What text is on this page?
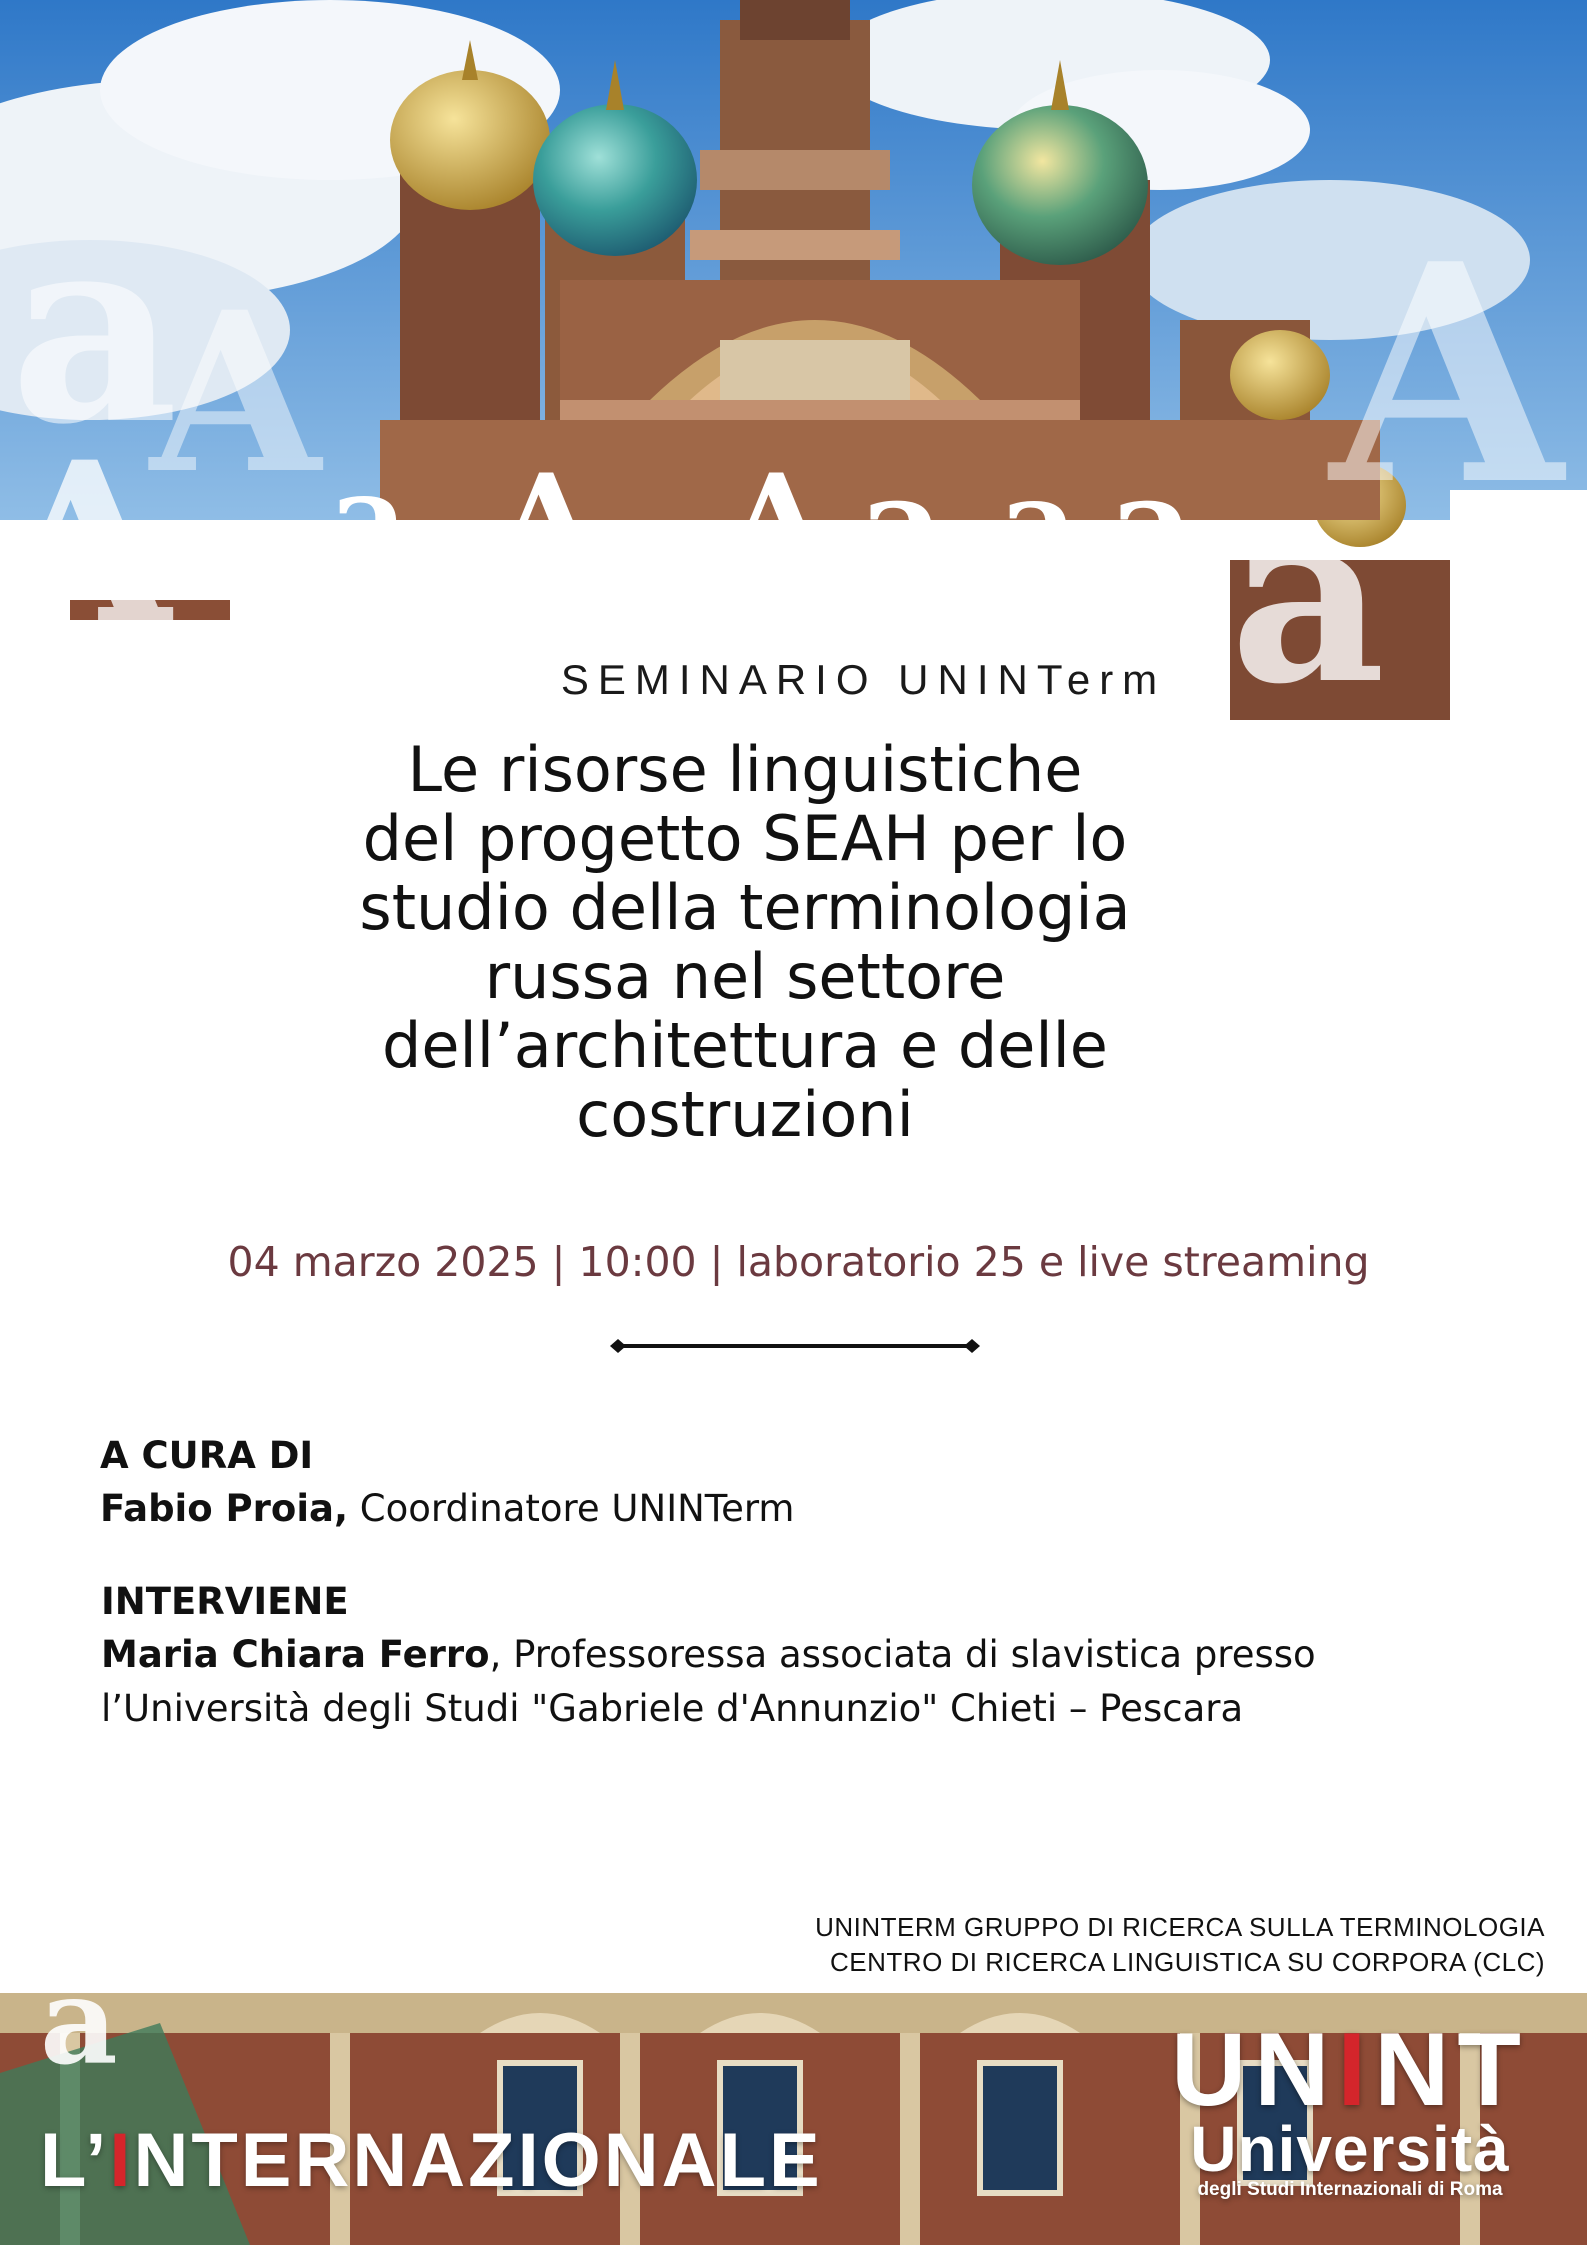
a
A	A
A	a
a A A a a a
SEMINARIO UNINTerm
Le risorse linguistiche
del progetto SEAH per lo
studio della terminologia
russa nel settore
dell’architettura e delle
costruzioni
04 marzo 2025 | 10:00 | laboratorio 25 e live streaming
A CURA DI
Fabio Proia, Coordinatore UNINTerm
INTERVIENE
Maria Chiara Ferro, Professoressa associata di slavistica presso
l’Università degli Studi "Gabriele d'Annunzio" Chieti – Pescara
UNINTERM GRUPPO DI RICERCA SULLA TERMINOLOGIA
CENTRO DI RICERCA LINGUISTICA SU CORPORA (CLC)
a
L’INTERNAZIONALE
UNINT
Università
degli Studi Internazionali di Roma
